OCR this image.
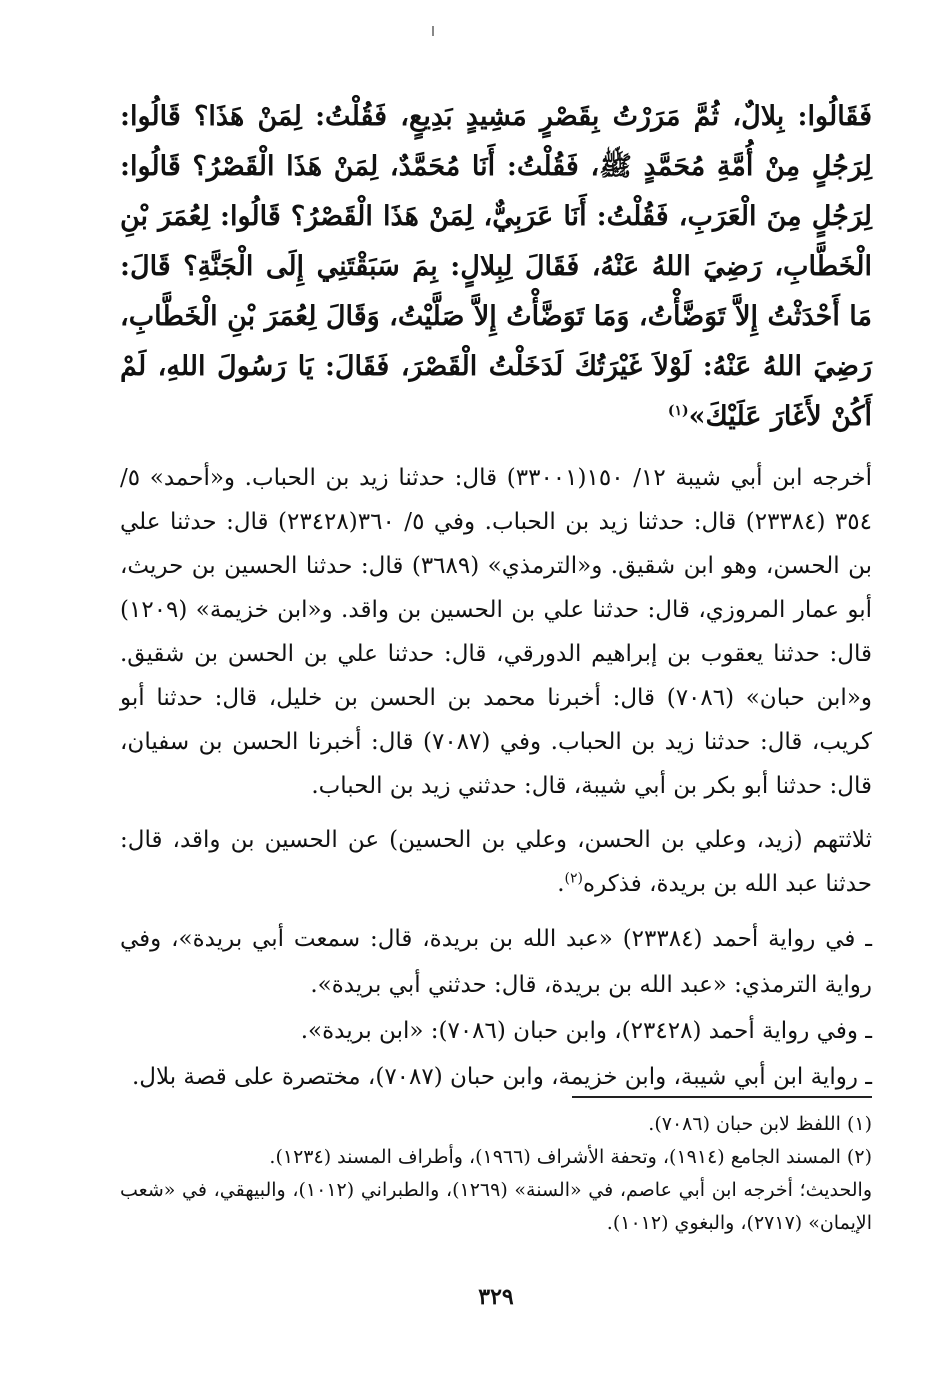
فَقَالُوا: بِلالٌ، ثُمَّ مَرَرْتُ بِقَصْرٍ مَشِيدٍ بَدِيعٍ، فَقُلْتُ: لِمَنْ هَذَا؟ قَالُوا: لِرَجُلٍ مِنْ أُمَّةِ مُحَمَّدٍ ﷺ، فَقُلْتُ: أَنَا مُحَمَّدٌ، لِمَنْ هَذَا الْقَصْرُ؟ قَالُوا: لِرَجُلٍ مِنَ الْعَرَبِ، فَقُلْتُ: أَنَا عَرَبِيٌّ، لِمَنْ هَذَا الْقَصْرُ؟ قَالُوا: لِعُمَرَ بْنِ الْخَطَّابِ، رَضِيَ اللهُ عَنْهُ، فَقَالَ لِبِلالٍ: بِمَ سَبَقْتَنِي إِلَى الْجَنَّةِ؟ قَالَ: مَا أَحْدَثْتُ إِلاَّ تَوَضَّأْتُ، وَمَا تَوَضَّأْتُ إِلاَّ صَلَّيْتُ، وَقَالَ لِعُمَرَ بْنِ الْخَطَّابِ، رَضِيَ اللهُ عَنْهُ: لَوْلاَ غَيْرَتُكَ لَدَخَلْتُ الْقَصْرَ، فَقَالَ: يَا رَسُولَ اللهِ، لَمْ أَكُنْ لأَغَارَ عَلَيْكَ»$^{(١)}$

أخرجه ابن أبي شيبة ١٢/ ١٥٠(٣٣٠٠١) قال: حدثنا زيد بن الحباب. و«أحمد» ٥/ ٣٥٤ (٢٣٣٨٤) قال: حدثنا زيد بن الحباب. وفي ٥/ ٣٦٠(٢٣٤٢٨) قال: حدثنا علي بن الحسن، وهو ابن شقيق. و«الترمذي» (٣٦٨٩) قال: حدثنا الحسين بن حريث، أبو عمار المروزي، قال: حدثنا علي بن الحسين بن واقد. و«ابن خزيمة» (١٢٠٩) قال: حدثنا يعقوب بن إبراهيم الدورقي، قال: حدثنا علي بن الحسن بن شقيق. و«ابن حبان» (٧٠٨٦) قال: أخبرنا محمد بن الحسن بن خليل، قال: حدثنا أبو كريب، قال: حدثنا زيد بن الحباب. وفي (٧٠٨٧) قال: أخبرنا الحسن بن سفيان، قال: حدثنا أبو بكر بن أبي شيبة، قال: حدثني زيد بن الحباب.

ثلاثتهم (زيد، وعلي بن الحسن، وعلي بن الحسين) عن الحسين بن واقد، قال: حدثنا عبد الله بن بريدة، فذكره$^{(٢)}$.

ـ في رواية أحمد (٢٣٣٨٤) «عبد الله بن بريدة، قال: سمعت أبي بريدة»، وفي رواية الترمذي: «عبد الله بن بريدة، قال: حدثني أبي بريدة».

ـ وفي رواية أحمد (٢٣٤٢٨)، وابن حبان (٧٠٨٦): «ابن بريدة».

ـ رواية ابن أبي شيبة، وابن خزيمة، وابن حبان (٧٠٨٧)، مختصرة على قصة بلال.

(١) اللفظ لابن حبان (٧٠٨٦).

(٢) المسند الجامع (١٩١٤)، وتحفة الأشراف (١٩٦٦)، وأطراف المسند (١٢٣٤).

والحديث؛ أخرجه ابن أبي عاصم، في «السنة» (١٢٦٩)، والطبراني (١٠١٢)، والبيهقي، في «شعب الإيمان» (٢٧١٧)، والبغوي (١٠١٢).

٣٢٩
